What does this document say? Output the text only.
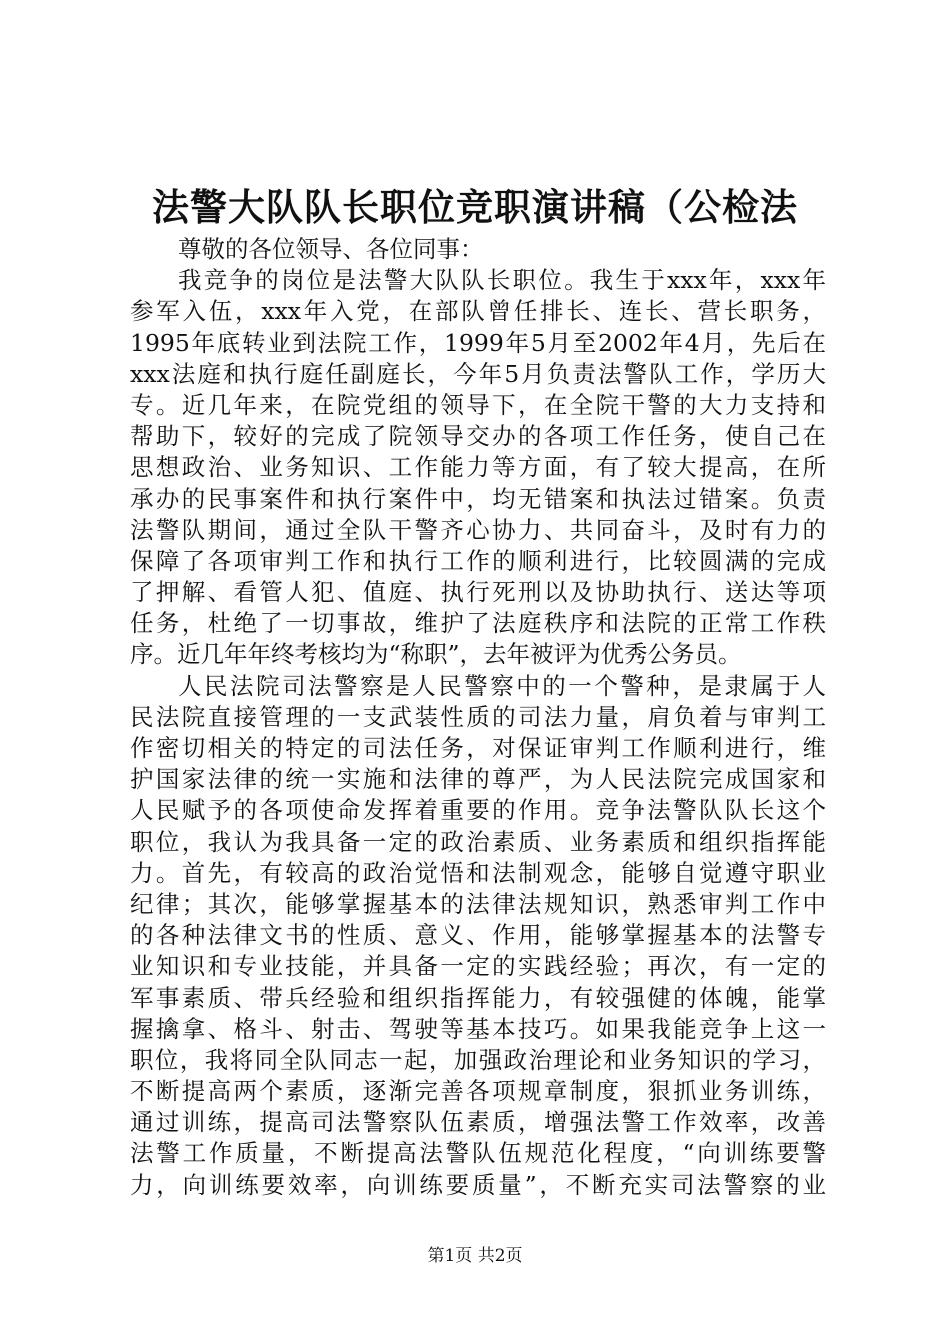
法警大队队长职位竞职演讲稿（公检法
尊敬的各位领导、各位同事：
我竞争的岗位是法警大队队长职位。我生于xxx年，xxx年
参军入伍，xxx年入党，在部队曾任排长、连长、营长职务，
1995年底转业到法院工作，1999年5月至2002年4月，先后在
xxx法庭和执行庭任副庭长，今年5月负责法警队工作，学历大
专。近几年来，在院党组的领导下，在全院干警的大力支持和
帮助下，较好的完成了院领导交办的各项工作任务，使自己在
思想政治、业务知识、工作能力等方面，有了较大提高，在所
承办的民事案件和执行案件中，均无错案和执法过错案。负责
法警队期间，通过全队干警齐心协力、共同奋斗，及时有力的
保障了各项审判工作和执行工作的顺利进行，比较圆满的完成
了押解、看管人犯、值庭、执行死刑以及协助执行、送达等项
任务，杜绝了一切事故，维护了法庭秩序和法院的正常工作秩
序。近几年年终考核均为“称职”，去年被评为优秀公务员。
人民法院司法警察是人民警察中的一个警种，是隶属于人
民法院直接管理的一支武装性质的司法力量，肩负着与审判工
作密切相关的特定的司法任务，对保证审判工作顺利进行，维
护国家法律的统一实施和法律的尊严，为人民法院完成国家和
人民赋予的各项使命发挥着重要的作用。竞争法警队队长这个
职位，我认为我具备一定的政治素质、业务素质和组织指挥能
力。首先，有较高的政治觉悟和法制观念，能够自觉遵守职业
纪律；其次，能够掌握基本的法律法规知识，熟悉审判工作中
的各种法律文书的性质、意义、作用，能够掌握基本的法警专
业知识和专业技能，并具备一定的实践经验；再次，有一定的
军事素质、带兵经验和组织指挥能力，有较强健的体魄，能掌
握擒拿、格斗、射击、驾驶等基本技巧。如果我能竞争上这一
职位，我将同全队同志一起，加强政治理论和业务知识的学习，
不断提高两个素质，逐渐完善各项规章制度，狠抓业务训练，
通过训练，提高司法警察队伍素质，增强法警工作效率，改善
法警工作质量，不断提高法警队伍规范化程度，“向训练要警
力，向训练要效率，向训练要质量”，不断充实司法警察的业
第1页 共2页
